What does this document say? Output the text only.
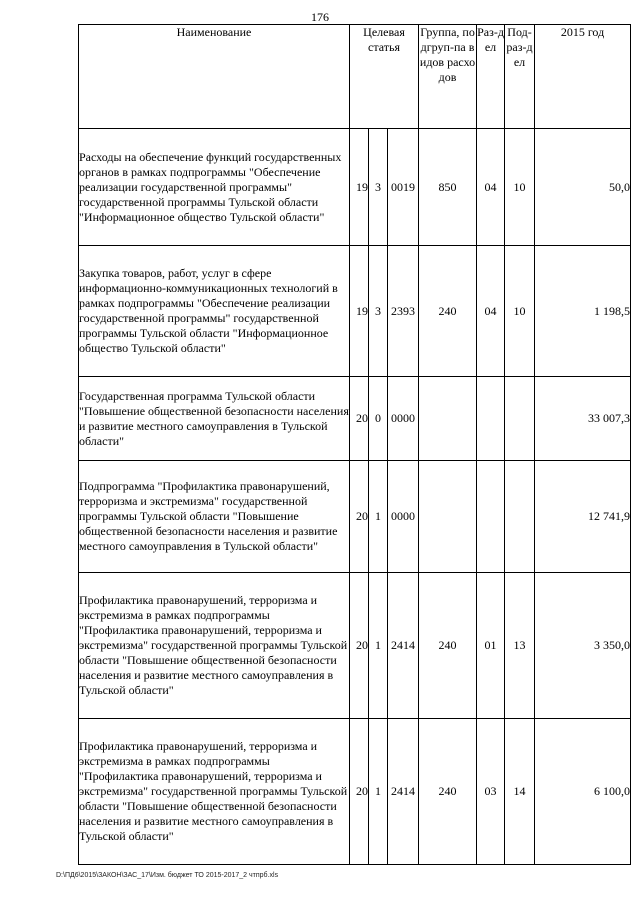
176
Наименование	Целевая статья			Группа, подгруп-па видов расходов	Раз-дел	Под-раз-дел	2015 год
Расходы на обеспечение функций государственных органов в рамках подпрограммы "Обеспечение реализации государственной программы" государственной программы Тульской области "Информационное общество Тульской области"	19	3	0019	850	04	10	50,0
Закупка товаров, работ, услуг в сфере информационно-коммуникационных технологий в рамках подпрограммы "Обеспечение реализации государственной программы" государственной программы Тульской области "Информационное общество Тульской области"	19	3	2393	240	04	10	1 198,5
Государственная программа Тульской области "Повышение общественной безопасности населения и развитие местного самоуправления в Тульской области"	20	0	0000				33 007,3
Подпрограмма "Профилактика правонарушений, терроризма и экстремизма" государственной программы Тульской области "Повышение общественной безопасности населения и развитие местного самоуправления в Тульской области"	20	1	0000				12 741,9
Профилактика правонарушений, терроризма и экстремизма в рамках подпрограммы "Профилактика правонарушений, терроризма и экстремизма" государственной программы Тульской области "Повышение общественной безопасности населения и развитие местного самоуправления в Тульской области"	20	1	2414	240	01	13	3 350,0
Профилактика правонарушений, терроризма и экстремизма в рамках подпрограммы "Профилактика правонарушений, терроризма и экстремизма" государственной программы Тульской области "Повышение общественной безопасности населения и развитие местного самоуправления в Тульской области"	20	1	2414	240	03	14	6 100,0
D:\ПД6\2015\ЗАКОН\ЗАС_17\Изм. бюджет ТО 2015-2017_2 чтпрб.xls
